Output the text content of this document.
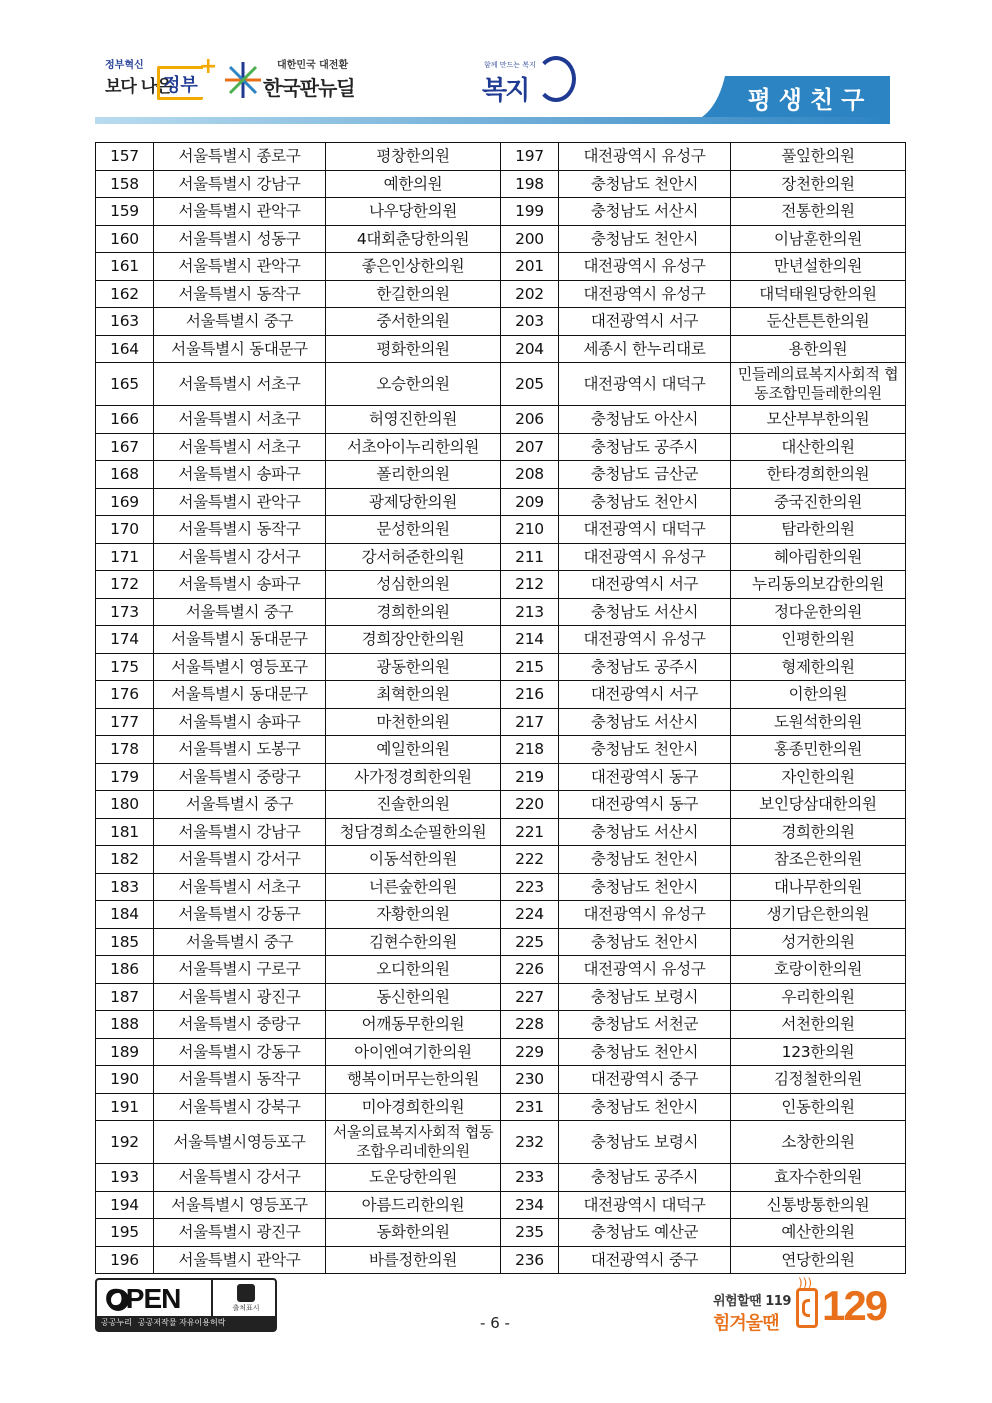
정부혁신
보다 나은
정부
+	대한민국 대전환
한국판뉴딜
함께 만드는 복지
복지	평생친구
157	서울특별시 종로구	평창한의원	197	대전광역시 유성구	풀잎한의원
158	서울특별시 강남구	예한의원	198	충청남도 천안시	장천한의원
159	서울특별시 관악구	나우당한의원	199	충청남도 서산시	전통한의원
160	서울특별시 성동구	4대회춘당한의원	200	충청남도 천안시	이남훈한의원
161	서울특별시 관악구	좋은인상한의원	201	대전광역시 유성구	만년설한의원
162	서울특별시 동작구	한길한의원	202	대전광역시 유성구	대덕태원당한의원
163	서울특별시 중구	중서한의원	203	대전광역시 서구	둔산튼튼한의원
164	서울특별시 동대문구	평화한의원	204	세종시 한누리대로	용한의원
165	서울특별시 서초구	오승한의원	205	대전광역시 대덕구	민들레의료복지사회적 협동조합민들레한의원
166	서울특별시 서초구	허영진한의원	206	충청남도 아산시	모산부부한의원
167	서울특별시 서초구	서초아이누리한의원	207	충청남도 공주시	대산한의원
168	서울특별시 송파구	폴리한의원	208	충청남도 금산군	한타경희한의원
169	서울특별시 관악구	광제당한의원	209	충청남도 천안시	중국진한의원
170	서울특별시 동작구	문성한의원	210	대전광역시 대덕구	탐라한의원
171	서울특별시 강서구	강서허준한의원	211	대전광역시 유성구	헤아림한의원
172	서울특별시 송파구	성심한의원	212	대전광역시 서구	누리동의보감한의원
173	서울특별시 중구	경희한의원	213	충청남도 서산시	정다운한의원
174	서울특별시 동대문구	경희장안한의원	214	대전광역시 유성구	인평한의원
175	서울특별시 영등포구	광동한의원	215	충청남도 공주시	형제한의원
176	서울특별시 동대문구	최혁한의원	216	대전광역시 서구	이한의원
177	서울특별시 송파구	마천한의원	217	충청남도 서산시	도원석한의원
178	서울특별시 도봉구	예일한의원	218	충청남도 천안시	홍종민한의원
179	서울특별시 중랑구	사가정경희한의원	219	대전광역시 동구	자인한의원
180	서울특별시 중구	진솔한의원	220	대전광역시 동구	보인당삼대한의원
181	서울특별시 강남구	청담경희소순필한의원	221	충청남도 서산시	경희한의원
182	서울특별시 강서구	이동석한의원	222	충청남도 천안시	참조은한의원
183	서울특별시 서초구	너른숲한의원	223	충청남도 천안시	대나무한의원
184	서울특별시 강동구	자황한의원	224	대전광역시 유성구	생기담은한의원
185	서울특별시 중구	김현수한의원	225	충청남도 천안시	성거한의원
186	서울특별시 구로구	오디한의원	226	대전광역시 유성구	호랑이한의원
187	서울특별시 광진구	동신한의원	227	충청남도 보령시	우리한의원
188	서울특별시 중랑구	어깨동무한의원	228	충청남도 서천군	서천한의원
189	서울특별시 강동구	아이엔여기한의원	229	충청남도 천안시	123한의원
190	서울특별시 동작구	행복이머무는한의원	230	대전광역시 중구	김정철한의원
191	서울특별시 강북구	미아경희한의원	231	충청남도 천안시	인동한의원
192	서울특별시영등포구	서울의료복지사회적 협동조합우리네한의원	232	충청남도 보령시	소창한의원
193	서울특별시 강서구	도운당한의원	233	충청남도 공주시	효자수한의원
194	서울특별시 영등포구	아름드리한의원	234	대전광역시 대덕구	신통방통한의원
195	서울특별시 광진구	동화한의원	235	충청남도 예산군	예산한의원
196	서울특별시 관악구	바를정한의원	236	대전광역시 중구	연당한의원
OPEN	출처표시
공공누리 공공저작물 자유이용허락	- 6 -
위험할땐 119
힘겨울땐
))) 129
